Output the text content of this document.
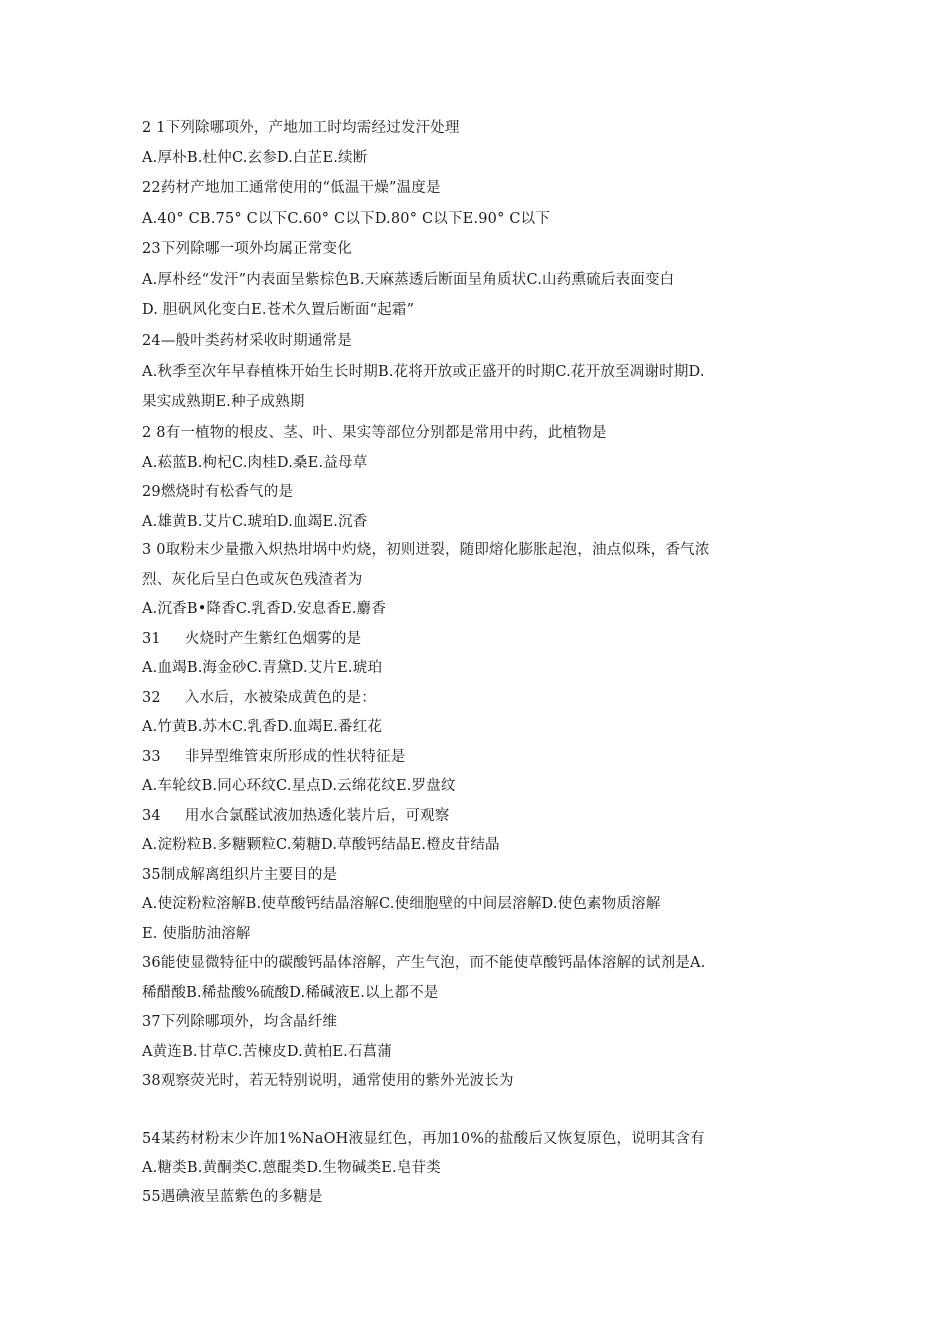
2 1下列除哪项外，产地加工时均需经过发汗处理
A.厚朴B.杜仲C.玄参D.白芷E.续断
22药材产地加工通常使用的“低温干燥”温度是
A.40° CB.75° C以下C.60° C以下D.80° C以下E.90° C以下
23下列除哪一项外均属正常变化
A.厚朴经“发汗”内表面呈紫棕色B.天麻蒸透后断面呈角质状C.山药熏硫后表面变白
D. 胆矾风化变白E.苍术久置后断面“起霜”
24—般叶类药材采收时期通常是
A.秋季至次年早春植株开始生长时期B.花将开放或正盛开的时期C.花开放至凋谢时期D.
果实成熟期E.种子成熟期
2 8有一植物的根皮、茎、叶、果实等部位分别都是常用中药，此植物是
A.菘蓝B.枸杞C.肉桂D.桑E.益母草
29燃烧时有松香气的是
A.雄黄B.艾片C.琥珀D.血竭E.沉香
3 0取粉末少量撒入炽热坩埚中灼烧，初则迸裂，随即熔化膨胀起泡，油点似珠，香气浓
烈、灰化后呈白色或灰色残渣者为
A.沉香B•降香C.乳香D.安息香E.麝香
31     火烧时产生紫红色烟雾的是
A.血竭B.海金砂C.青黛D.艾片E.琥珀
32     入水后，水被染成黄色的是：
A.竹黄B.苏木C.乳香D.血竭E.番红花
33     非异型维管束所形成的性状特征是
A.车轮纹B.同心环纹C.星点D.云绵花纹E.罗盘纹
34     用水合氯醛试液加热透化装片后，可观察
A.淀粉粒B.多糖颗粒C.菊糖D.草酸钙结晶E.橙皮苷结晶
35制成解离组织片主要目的是
A.使淀粉粒溶解B.使草酸钙结晶溶解C.使细胞壁的中间层溶解D.使色素物质溶解
E. 使脂肪油溶解
36能使显微特征中的碳酸钙晶体溶解，产生气泡，而不能使草酸钙晶体溶解的试剂是A.
稀醋酸B.稀盐酸%硫酸D.稀碱液E.以上都不是
37下列除哪项外，均含晶纤维
A黄连B.甘草C.苦楝皮D.黄柏E.石菖蒲
38观察荧光时，若无特别说明，通常使用的紫外光波长为
54某药材粉末少许加1%NaOH液显红色，再加10%的盐酸后又恢复原色，说明其含有
A.糖类B.黄酮类C.蒽醌类D.生物碱类E.皂苷类
55遇碘液呈蓝紫色的多糖是
